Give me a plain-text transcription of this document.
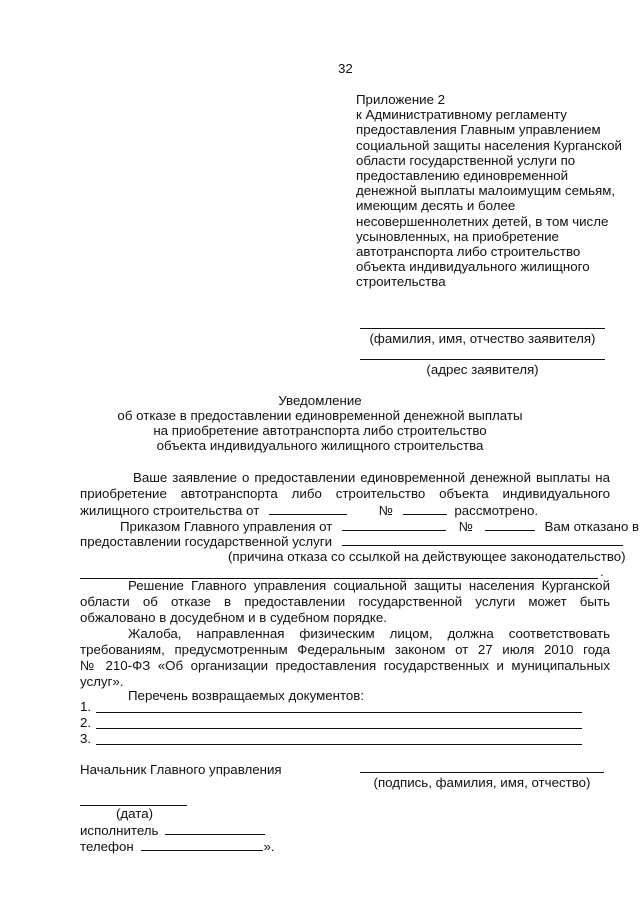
32
Приложение 2
к Административному регламенту
предоставления Главным управлением
социальной защиты населения Курганской
области государственной услуги по
предоставлению единовременной
денежной выплаты малоимущим семьям,
имеющим десять и более
несовершеннолетних детей, в том числе
усыновленных, на приобретение
автотранспорта либо строительство
объекта индивидуального жилищного
строительства
(фамилия, имя, отчество заявителя)
(адрес заявителя)
Уведомление
об отказе в предоставлении единовременной денежной выплаты
на приобретение автотранспорта либо строительство
объекта индивидуального жилищного строительства
Ваше заявление о предоставлении единовременной денежной выплаты на
приобретение автотранспорта либо строительство объекта индивидуального
жилищного строительства от	№	рассмотрено.
Приказом Главного управления от	№	Вам отказано в
предоставлении государственной услуги
(причина отказа со ссылкой на действующее законодательство)
.
Решение Главного управления социальной защиты населения Курганской
области об отказе в предоставлении государственной услуги может быть
обжаловано в досудебном и в судебном порядке.
Жалоба, направленная физическим лицом, должна соответствовать
требованиям, предусмотренным Федеральным законом от 27 июля 2010 года
№ 210-ФЗ «Об организации предоставления государственных и муниципальных
услуг».
Перечень возвращаемых документов:
1.
2.
3.
Начальник Главного управления
(подпись, фамилия, имя, отчество)
(дата)
исполнитель
телефон	».
